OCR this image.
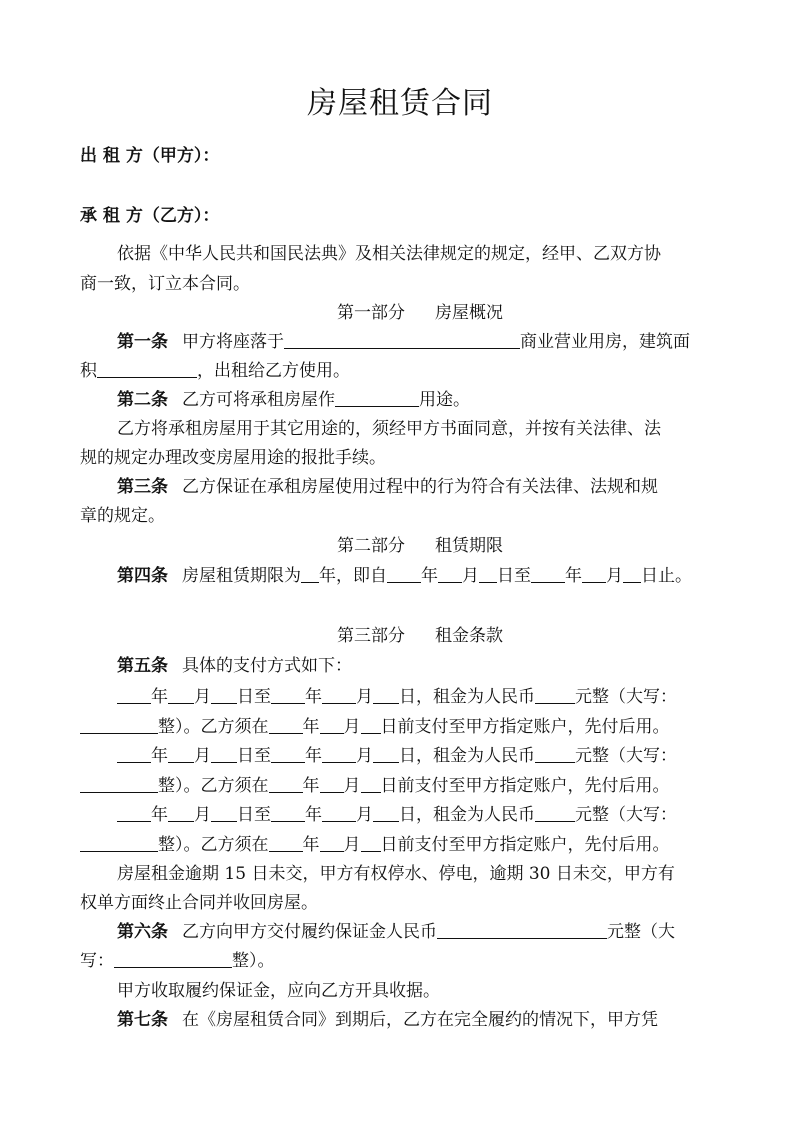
房屋租赁合同
出 租 方（甲方）：
承 租 方（乙方）：
依据《中华人民共和国民法典》及相关法律规定的规定，经甲、乙双方协
商一致，订立本合同。
第一部分 房屋概况
第一条 甲方将座落于	商业营业用房，建筑面
积	，出租给乙方使用。
第二条 乙方可将承租房屋作	用途。
乙方将承租房屋用于其它用途的，须经甲方书面同意，并按有关法律、法
规的规定办理改变房屋用途的报批手续。
第三条 乙方保证在承租房屋使用过程中的行为符合有关法律、法规和规
章的规定。
第二部分 租赁期限
第四条 房屋租赁期限为 年，即自 年 月 日至 年 月 日止。
第三部分 租金条款
第五条 具体的支付方式如下：
年 月 日至 年 月 日，租金为人民币 元整（大写：
整）。乙方须在 年 月 日前支付至甲方指定账户，先付后用。
年 月 日至 年 月 日，租金为人民币 元整（大写：
整）。乙方须在 年 月 日前支付至甲方指定账户，先付后用。
年 月 日至 年 月 日，租金为人民币 元整（大写：
整）。乙方须在 年 月 日前支付至甲方指定账户，先付后用。
房屋租金逾期 15 日未交，甲方有权停水、停电，逾期 30 日未交，甲方有
权单方面终止合同并收回房屋。
第六条 乙方向甲方交付履约保证金人民币	元整（大
写：	整）。
甲方收取履约保证金，应向乙方开具收据。
第七条 在《房屋租赁合同》到期后，乙方在完全履约的情况下，甲方凭
